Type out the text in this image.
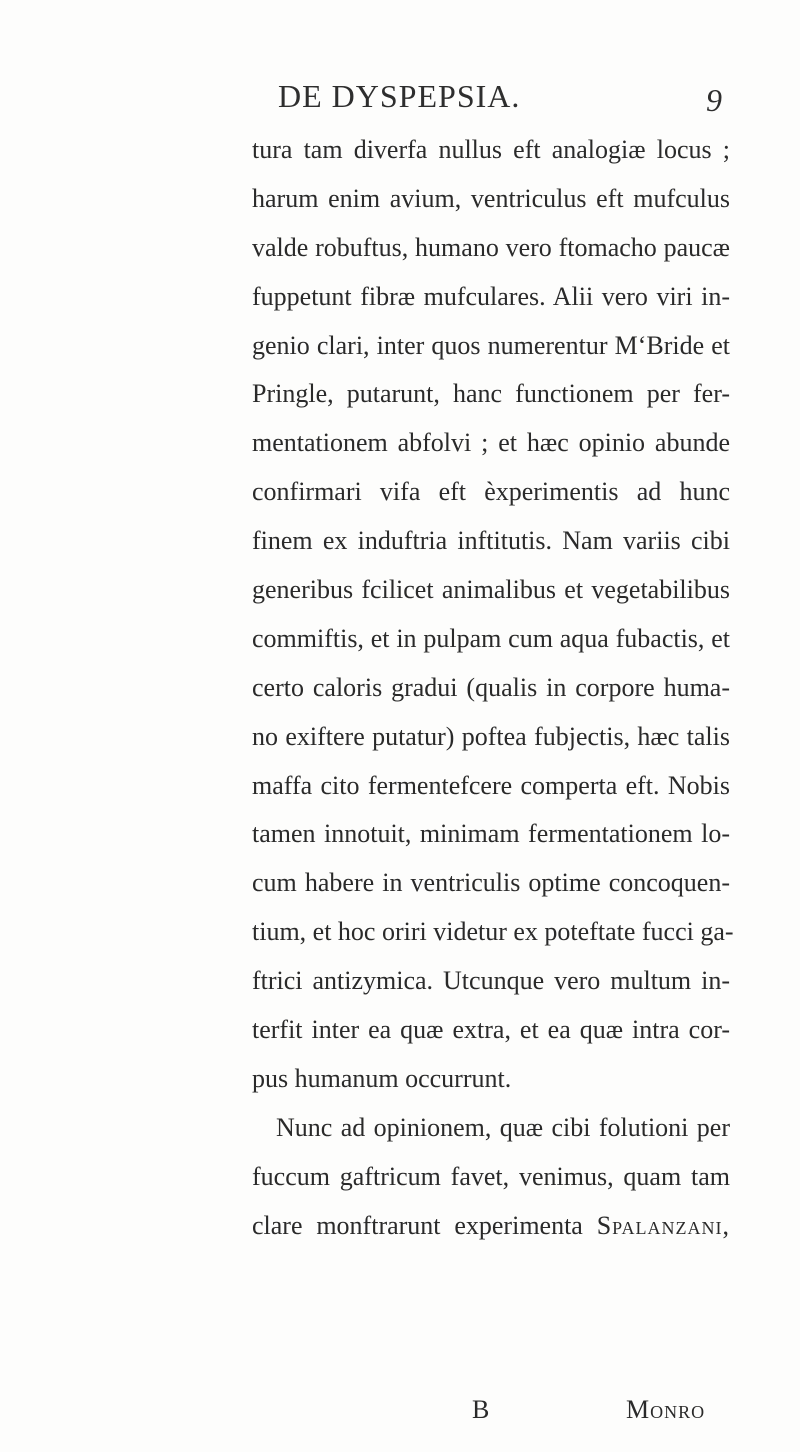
DE DYSPEPSIA.	9
tura tam diverfa nullus eft analogiæ locus ;
harum enim avium, ventriculus eft mufculus
valde robuftus, humano vero ftomacho paucæ
fuppetunt fibræ mufculares. Alii vero viri in-
genio clari, inter quos numerentur M‘Bride et
Pringle, putarunt, hanc functionem per fer-
mentationem abfolvi ; et hæc opinio abunde
confirmari vifa eft èxperimentis ad hunc
finem ex induftria inftitutis. Nam variis cibi
generibus fcilicet animalibus et vegetabilibus
commiftis, et in pulpam cum aqua fubactis, et
certo caloris gradui (qualis in corpore huma-
no exiftere putatur) poftea fubjectis, hæc talis
maffa cito fermentefcere comperta eft. Nobis
tamen innotuit, minimam fermentationem lo-
cum habere in ventriculis optime concoquen-
tium, et hoc oriri videtur ex poteftate fucci ga-
ftrici antizymica. Utcunque vero multum in-
terfit inter ea quæ extra, et ea quæ intra cor-
pus humanum occurrunt.
Nunc ad opinionem, quæ cibi folutioni per
fuccum gaftricum favet, venimus, quam tam
clare monftrarunt experimenta Spalanzani,
B	Monro
